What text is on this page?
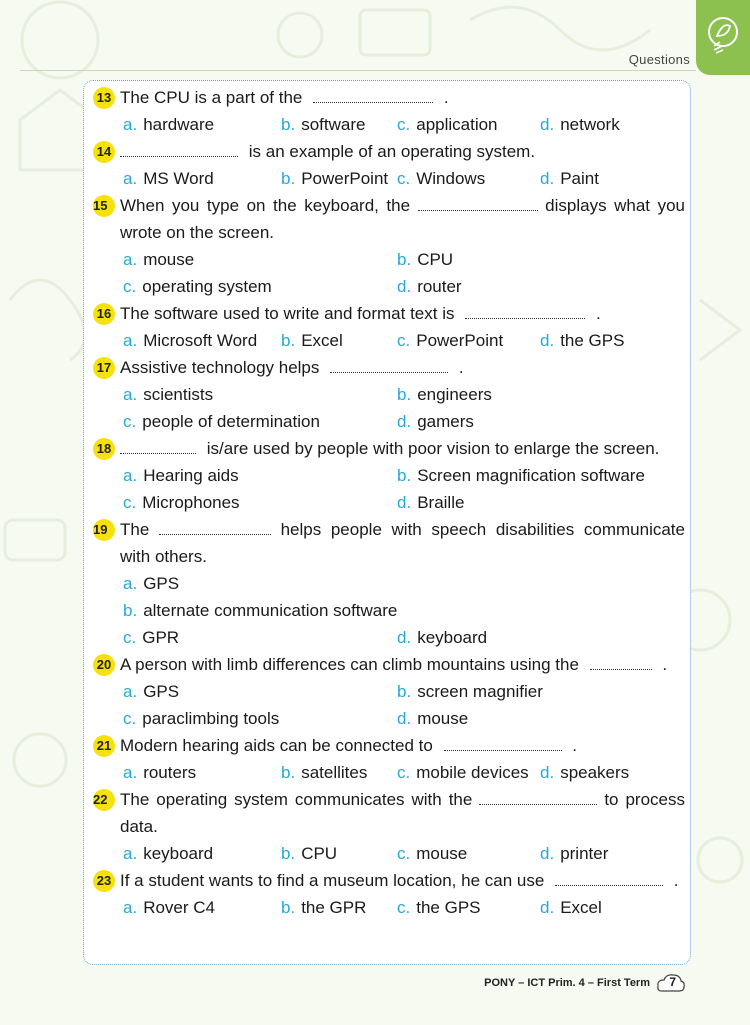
Questions
13 The CPU is a part of the	.
a. hardware	b. software c. application d. network
14	is an example of an operating system.
a. MS Word	b. PowerPoint c. Windows	d. Paint
15 When you type on the keyboard, the	displays what you
wrote on the screen.
a. mouse	b. CPU
c. operating system	d. router
16 The software used to write and format text is	.
a. Microsoft Word b. Excel	c. PowerPoint d. the GPS
17 Assistive technology helps	.
a. scientists	b. engineers
c. people of determination	d. gamers
18	is/are used by people with poor vision to enlarge the screen.
a. Hearing aids	b. Screen magnification software
c. Microphones	d. Braille
19 The	helps people with speech disabilities communicate
with others.
a. GPS
b. alternate communication software
c. GPR	d. keyboard
20 A person with limb differences can climb mountains using the	.
a. GPS	b. screen magnifier
c. paraclimbing tools	d. mouse
21 Modern hearing aids can be connected to	.
a. routers	b. satellites c. mobile devices d. speakers
22 The operating system communicates with the	to process
data.
a. keyboard	b. CPU	c. mouse	d. printer
23 If a student wants to find a museum location, he can use	.
a. Rover C4	b. the GPR c. the GPS	d. Excel
PONY – ICT Prim. 4 – First Term 7
